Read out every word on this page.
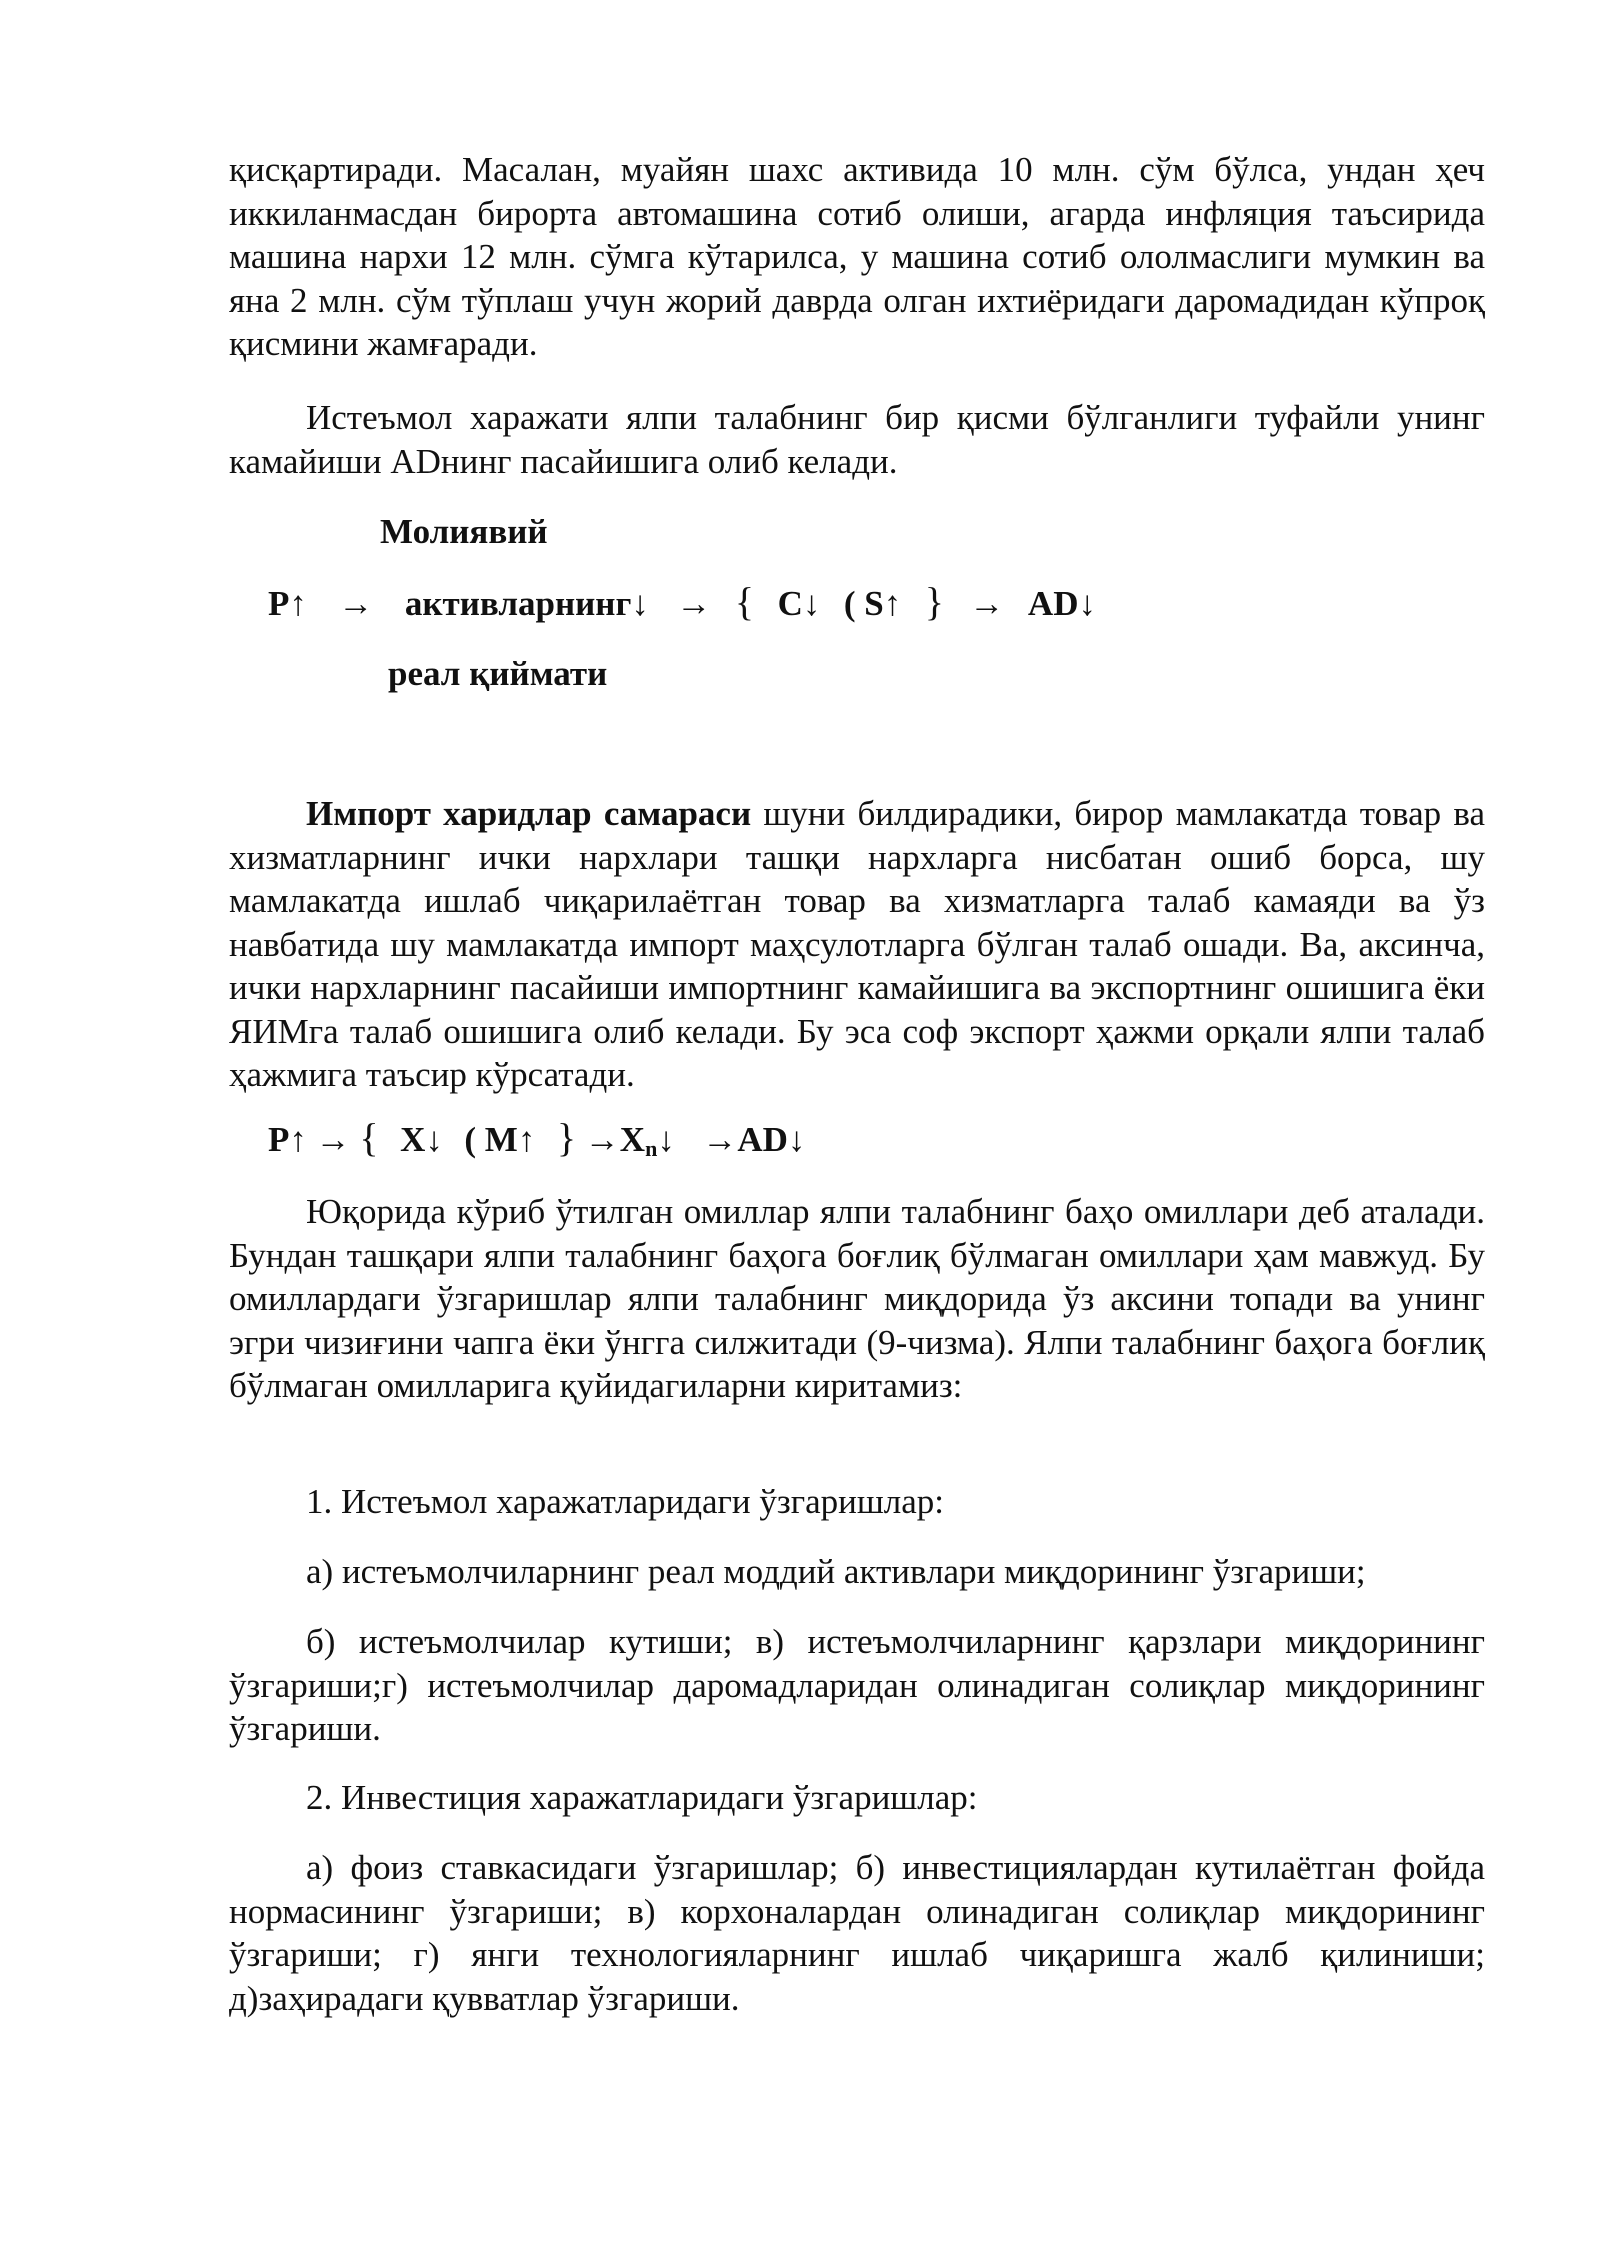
қисқартиради. Масалан, муайян шахс активида 10 млн. сўм бўлса, ундан ҳеч иккиланмасдан бирорта автомашина сотиб олиши, агарда инфляция таъсирида машина нархи 12 млн. сўмга кўтарилса, у машина сотиб ололмаслиги мумкин ва яна 2 млн. сўм тўплаш учун жорий даврда олган ихтиёридаги даромадидан кўпроқ қисмини жамғаради.

Истеъмол харажати ялпи талабнинг бир қисми бўлганлиги туфайли унинг камайиши ADнинг пасайишига олиб келади.

Молиявий
P↑ → активларнинг↓ → { C↓ ( S↑ } → AD↓
реал қиймати

Импорт харидлар самараси шуни билдирадики, бирор мамлакатда товар ва хизматларнинг ички нархлари ташқи нархларга нисбатан ошиб борса, шу мамлакатда ишлаб чиқарилаётган товар ва хизматларга талаб камаяди ва ўз навбатида шу мамлакатда импорт маҳсулотларга бўлган талаб ошади. Ва, аксинча, ички нархларнинг пасайиши импортнинг камайишига ва экспортнинг ошишига ёки ЯИМга талаб ошишига олиб келади. Бу эса соф экспорт ҳажми орқали ялпи талаб ҳажмига таъсир кўрсатади.

P↑ → { X↓ ( M↑ } $\to X_n↓$ →AD↓

Юқорида кўриб ўтилган омиллар ялпи талабнинг баҳо омиллари деб аталади. Бундан ташқари ялпи талабнинг баҳога боғлиқ бўлмаган омиллари ҳам мавжуд. Бу омиллардаги ўзгаришлар ялпи талабнинг миқдорида ўз аксини топади ва унинг эгри чизиғини чапга ёки ўнгга силжитади (9-чизма). Ялпи талабнинг баҳога боғлиқ бўлмаган омилларига қуйидагиларни киритамиз:

1. Истеъмол харажатларидаги ўзгаришлар:

а) истеъмолчиларнинг реал моддий активлари миқдорининг ўзгариши;

б) истеъмолчилар кутиши; в) истеъмолчиларнинг қарзлари миқдорининг ўзгариши;г) истеъмолчилар даромадларидан олинадиган солиқлар миқдорининг ўзгариши.

2. Инвестиция харажатларидаги ўзгаришлар:

а) фоиз ставкасидаги ўзгаришлар; б) инвестициялардан кутилаётган фойда нормасининг ўзгариши; в) корхоналардан олинадиган солиқлар миқдорининг ўзгариши; г) янги технологияларнинг ишлаб чиқаришга жалб қилиниши; д)заҳирадаги қувватлар ўзгариши.
